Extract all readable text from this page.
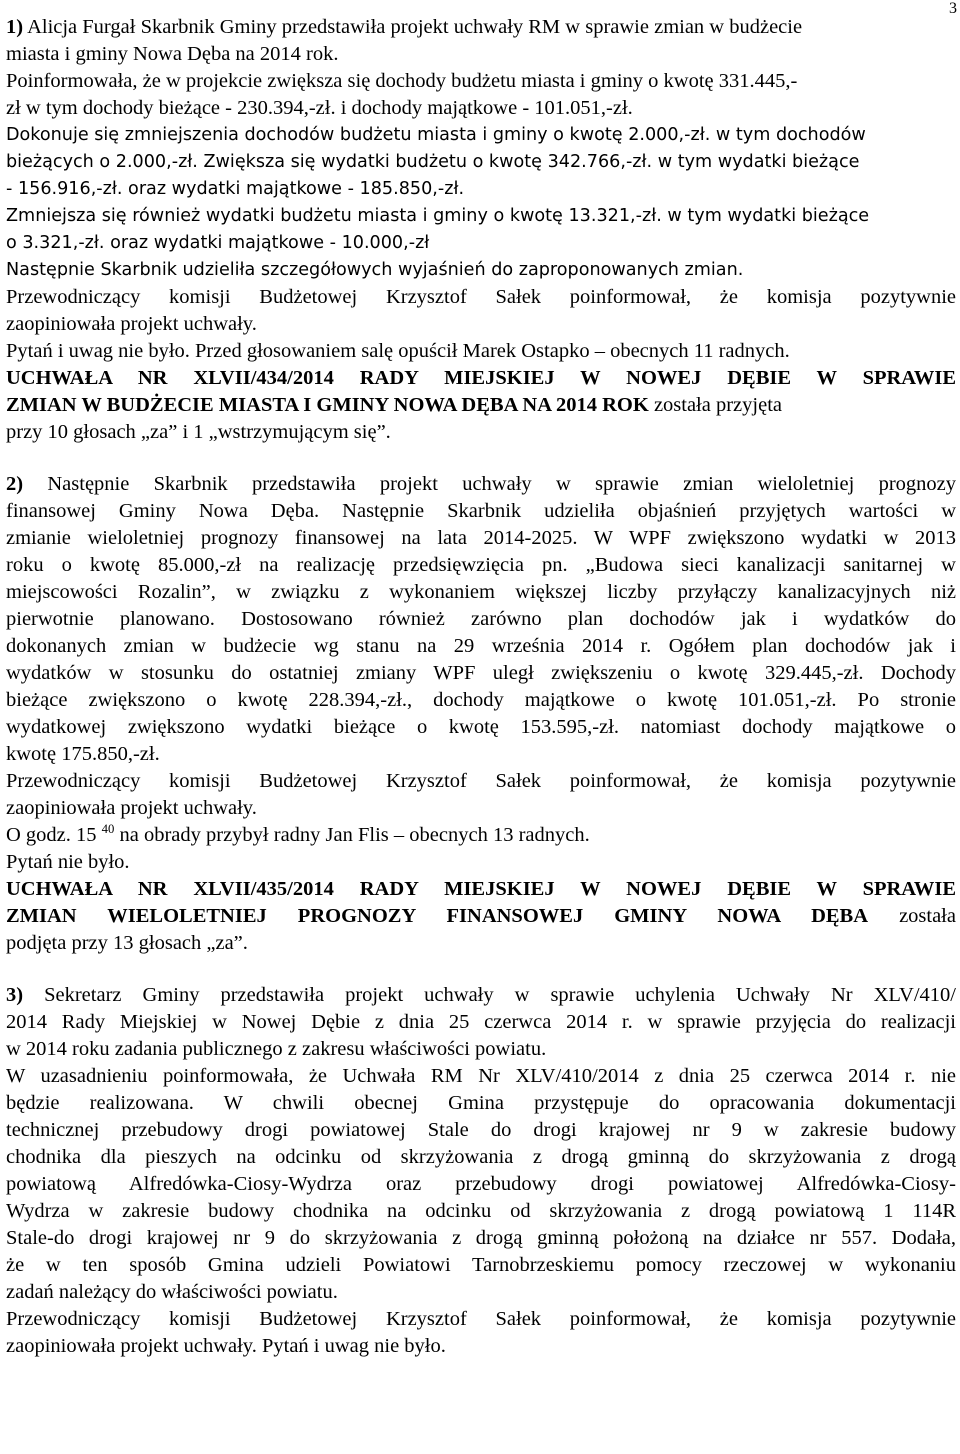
3
1) Alicja Furgał Skarbnik Gminy przedstawiła projekt uchwały RM w sprawie zmian w budżecie
miasta i gminy Nowa Dęba na 2014 rok.
Poinformowała, że w projekcie zwiększa się dochody budżetu miasta i gminy o kwotę 331.445,-
zł w tym dochody bieżące - 230.394,-zł. i dochody majątkowe - 101.051,-zł.
Dokonuje się zmniejszenia dochodów budżetu miasta i gminy o kwotę 2.000,-zł. w tym dochodów
bieżących o 2.000,-zł. Zwiększa się wydatki budżetu o kwotę 342.766,-zł. w tym wydatki bieżące
- 156.916,-zł. oraz wydatki majątkowe - 185.850,-zł.
Zmniejsza się również wydatki budżetu miasta i gminy o kwotę 13.321,-zł. w tym wydatki bieżące
o 3.321,-zł. oraz wydatki majątkowe - 10.000,-zł
Następnie Skarbnik udzieliła szczegółowych wyjaśnień do zaproponowanych zmian.
Przewodniczący komisji Budżetowej Krzysztof Sałek poinformował, że komisja pozytywnie
zaopiniowała projekt uchwały.
Pytań i uwag nie było. Przed głosowaniem salę opuścił Marek Ostapko – obecnych 11 radnych.
UCHWAŁA NR XLVII/434/2014 RADY MIEJSKIEJ W NOWEJ DĘBIE W SPRAWIE
ZMIAN W BUDŻECIE MIASTA I GMINY NOWA DĘBA NA 2014 ROK została przyjęta
przy 10 głosach „za” i 1 „wstrzymującym się”.
2) Następnie Skarbnik przedstawiła projekt uchwały w sprawie zmian wieloletniej prognozy
finansowej Gminy Nowa Dęba. Następnie Skarbnik udzieliła objaśnień przyjętych wartości w
zmianie wieloletniej prognozy finansowej na lata 2014-2025. W WPF zwiększono wydatki w 2013
roku o kwotę 85.000,-zł na realizację przedsięwzięcia pn. „Budowa sieci kanalizacji sanitarnej w
miejscowości Rozalin”, w związku z wykonaniem większej liczby przyłączy kanalizacyjnych niż
pierwotnie planowano. Dostosowano również zarówno plan dochodów jak i wydatków do
dokonanych zmian w budżecie wg stanu na 29 września 2014 r. Ogółem plan dochodów jak i
wydatków w stosunku do ostatniej zmiany WPF uległ zwiększeniu o kwotę 329.445,-zł. Dochody
bieżące zwiększono o kwotę 228.394,-zł., dochody majątkowe o kwotę 101.051,-zł. Po stronie
wydatkowej zwiększono wydatki bieżące o kwotę 153.595,-zł. natomiast dochody majątkowe o
kwotę 175.850,-zł.
Przewodniczący komisji Budżetowej Krzysztof Sałek poinformował, że komisja pozytywnie
zaopiniowała projekt uchwały.
O godz. 15 $^{40}$ na obrady przybył radny Jan Flis – obecnych 13 radnych.
Pytań nie było.
UCHWAŁA NR XLVII/435/2014 RADY MIEJSKIEJ W NOWEJ DĘBIE W SPRAWIE
ZMIAN WIELOLETNIEJ PROGNOZY FINANSOWEJ GMINY NOWA DĘBA została
podjęta przy 13 głosach „za”.
3) Sekretarz Gminy przedstawiła projekt uchwały w sprawie uchylenia Uchwały Nr XLV/410/
2014 Rady Miejskiej w Nowej Dębie z dnia 25 czerwca 2014 r. w sprawie przyjęcia do realizacji
w 2014 roku zadania publicznego z zakresu właściwości powiatu.
W uzasadnieniu poinformowała, że Uchwała RM Nr XLV/410/2014 z dnia 25 czerwca 2014 r. nie
będzie realizowana. W chwili obecnej Gmina przystępuje do opracowania dokumentacji
technicznej przebudowy drogi powiatowej Stale do drogi krajowej nr 9 w zakresie budowy
chodnika dla pieszych na odcinku od skrzyżowania z drogą gminną do skrzyżowania z drogą
powiatową Alfredówka-Ciosy-Wydrza oraz przebudowy drogi powiatowej Alfredówka-Ciosy-
Wydrza w zakresie budowy chodnika na odcinku od skrzyżowania z drogą powiatową 1 114R
Stale-do drogi krajowej nr 9 do skrzyżowania z drogą gminną położoną na działce nr 557. Dodała,
że w ten sposób Gmina udzieli Powiatowi Tarnobrzeskiemu pomocy rzeczowej w wykonaniu
zadań należący do właściwości powiatu.
Przewodniczący komisji Budżetowej Krzysztof Sałek poinformował, że komisja pozytywnie
zaopiniowała projekt uchwały. Pytań i uwag nie było.
